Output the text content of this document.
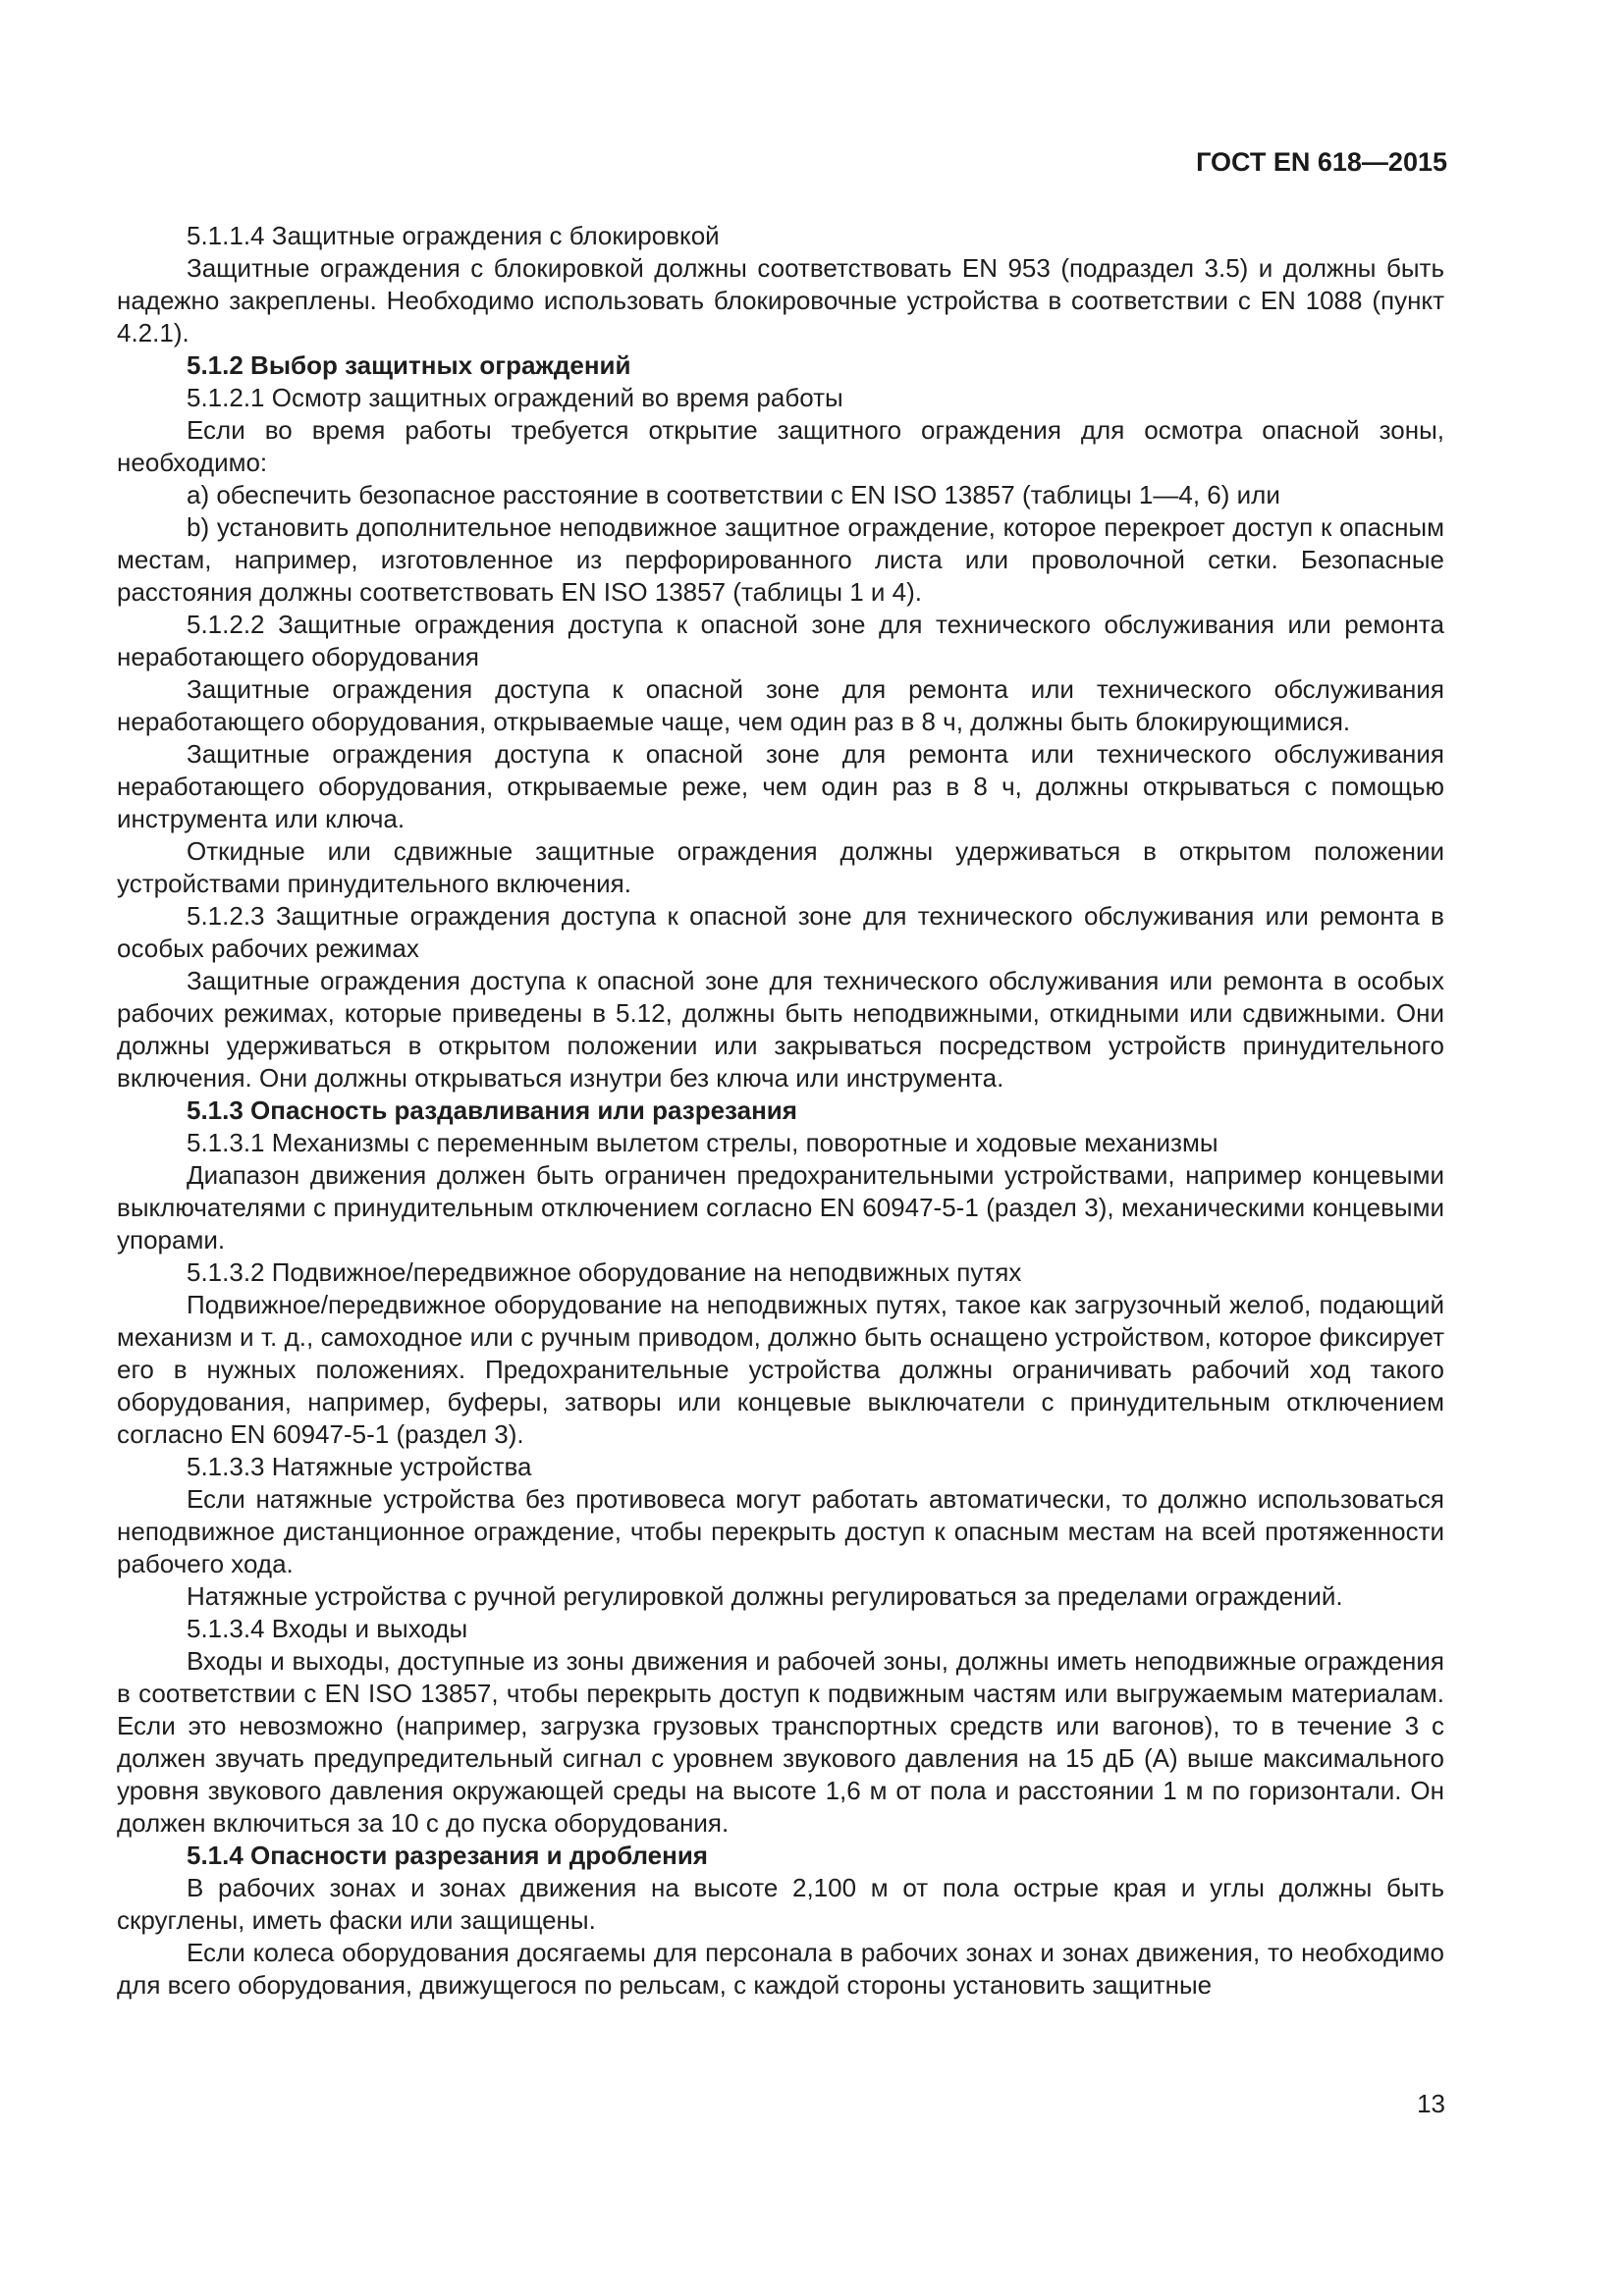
ГОСТ EN 618—2015

5.1.1.4 Защитные ограждения с блокировкой

Защитные ограждения с блокировкой должны соответствовать EN 953 (подраздел 3.5) и должны быть надежно закреплены. Необходимо использовать блокировочные устройства в соответствии с EN 1088 (пункт 4.2.1).

5.1.2 Выбор защитных ограждений

5.1.2.1 Осмотр защитных ограждений во время работы

Если во время работы требуется открытие защитного ограждения для осмотра опасной зоны, необходимо:

а) обеспечить безопасное расстояние в соответствии с EN ISO 13857 (таблицы 1—4, 6) или

b) установить дополнительное неподвижное защитное ограждение, которое перекроет доступ к опасным местам, например, изготовленное из перфорированного листа или проволочной сетки. Безопасные расстояния должны соответствовать EN ISO 13857 (таблицы 1 и 4).

5.1.2.2 Защитные ограждения доступа к опасной зоне для технического обслуживания или ремонта неработающего оборудования

Защитные ограждения доступа к опасной зоне для ремонта или технического обслуживания неработающего оборудования, открываемые чаще, чем один раз в 8 ч, должны быть блокирующимися.

Защитные ограждения доступа к опасной зоне для ремонта или технического обслуживания неработающего оборудования, открываемые реже, чем один раз в 8 ч, должны открываться с помощью инструмента или ключа.

Откидные или сдвижные защитные ограждения должны удерживаться в открытом положении устройствами принудительного включения.

5.1.2.3 Защитные ограждения доступа к опасной зоне для технического обслуживания или ремонта в особых рабочих режимах

Защитные ограждения доступа к опасной зоне для технического обслуживания или ремонта в особых рабочих режимах, которые приведены в 5.12, должны быть неподвижными, откидными или сдвижными. Они должны удерживаться в открытом положении или закрываться посредством устройств принудительного включения. Они должны открываться изнутри без ключа или инструмента.

5.1.3 Опасность раздавливания или разрезания

5.1.3.1 Механизмы с переменным вылетом стрелы, поворотные и ходовые механизмы

Диапазон движения должен быть ограничен предохранительными устройствами, например концевыми выключателями с принудительным отключением согласно EN 60947-5-1 (раздел 3), механическими концевыми упорами.

5.1.3.2 Подвижное/передвижное оборудование на неподвижных путях

Подвижное/передвижное оборудование на неподвижных путях, такое как загрузочный желоб, подающий механизм и т. д., самоходное или с ручным приводом, должно быть оснащено устройством, которое фиксирует его в нужных положениях. Предохранительные устройства должны ограничивать рабочий ход такого оборудования, например, буферы, затворы или концевые выключатели с принудительным отключением согласно EN 60947-5-1 (раздел 3).

5.1.3.3 Натяжные устройства

Если натяжные устройства без противовеса могут работать автоматически, то должно использоваться неподвижное дистанционное ограждение, чтобы перекрыть доступ к опасным местам на всей протяженности рабочего хода.

Натяжные устройства с ручной регулировкой должны регулироваться за пределами ограждений.

5.1.3.4 Входы и выходы

Входы и выходы, доступные из зоны движения и рабочей зоны, должны иметь неподвижные ограждения в соответствии с EN ISO 13857, чтобы перекрыть доступ к подвижным частям или выгружаемым материалам. Если это невозможно (например, загрузка грузовых транспортных средств или вагонов), то в течение 3 с должен звучать предупредительный сигнал с уровнем звукового давления на 15 дБ (А) выше максимального уровня звукового давления окружающей среды на высоте 1,6 м от пола и расстоянии 1 м по горизонтали. Он должен включиться за 10 с до пуска оборудования.

5.1.4 Опасности разрезания и дробления

В рабочих зонах и зонах движения на высоте 2,100 м от пола острые края и углы должны быть скруглены, иметь фаски или защищены.

Если колеса оборудования досягаемы для персонала в рабочих зонах и зонах движения, то необходимо для всего оборудования, движущегося по рельсам, с каждой стороны установить защитные

13
